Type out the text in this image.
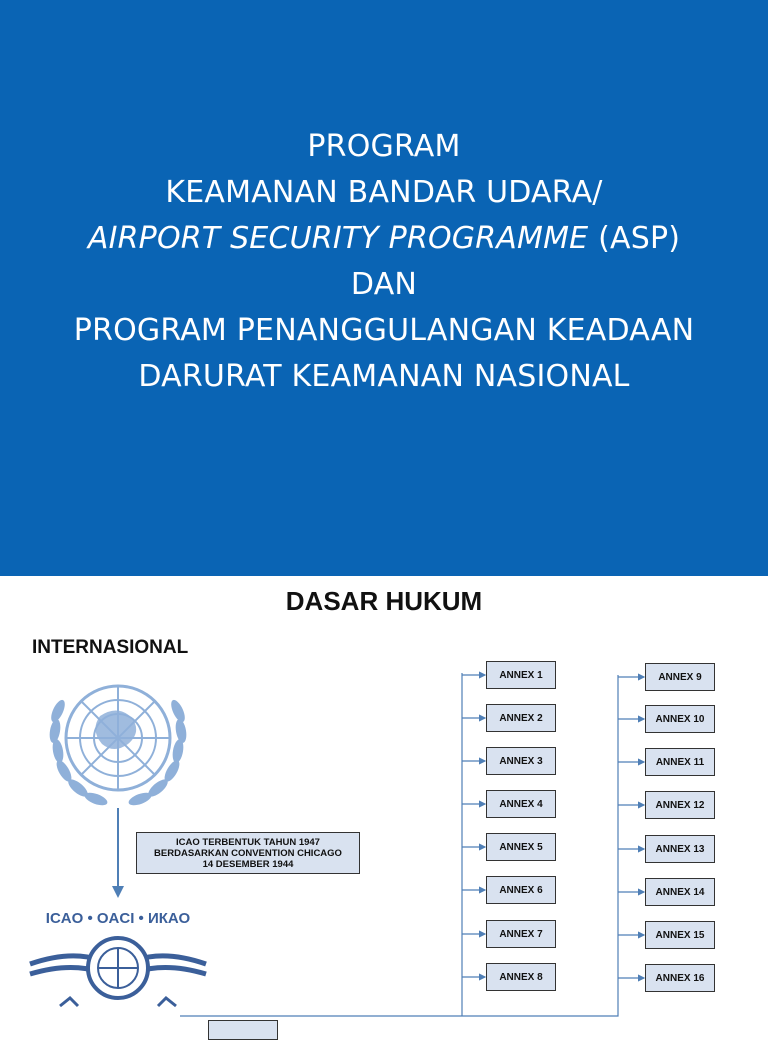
PROGRAM
KEAMANAN BANDAR UDARA/
AIRPORT SECURITY PROGRAMME (ASP)
DAN
PROGRAM PENANGGULANGAN KEADAAN
DARURAT KEAMANAN NASIONAL
DASAR HUKUM
INTERNASIONAL
ICAO • OACI • ИКАО
ICAO TERBENTUK TAHUN 1947
BERDASARKAN CONVENTION CHICAGO
14 DESEMBER 1944
ANNEX 1
ANNEX 2
ANNEX 3
ANNEX 4
ANNEX 5
ANNEX 6
ANNEX 7
ANNEX 8
ANNEX 9
ANNEX 10
ANNEX 11
ANNEX 12
ANNEX 13
ANNEX 14
ANNEX 15
ANNEX 16
